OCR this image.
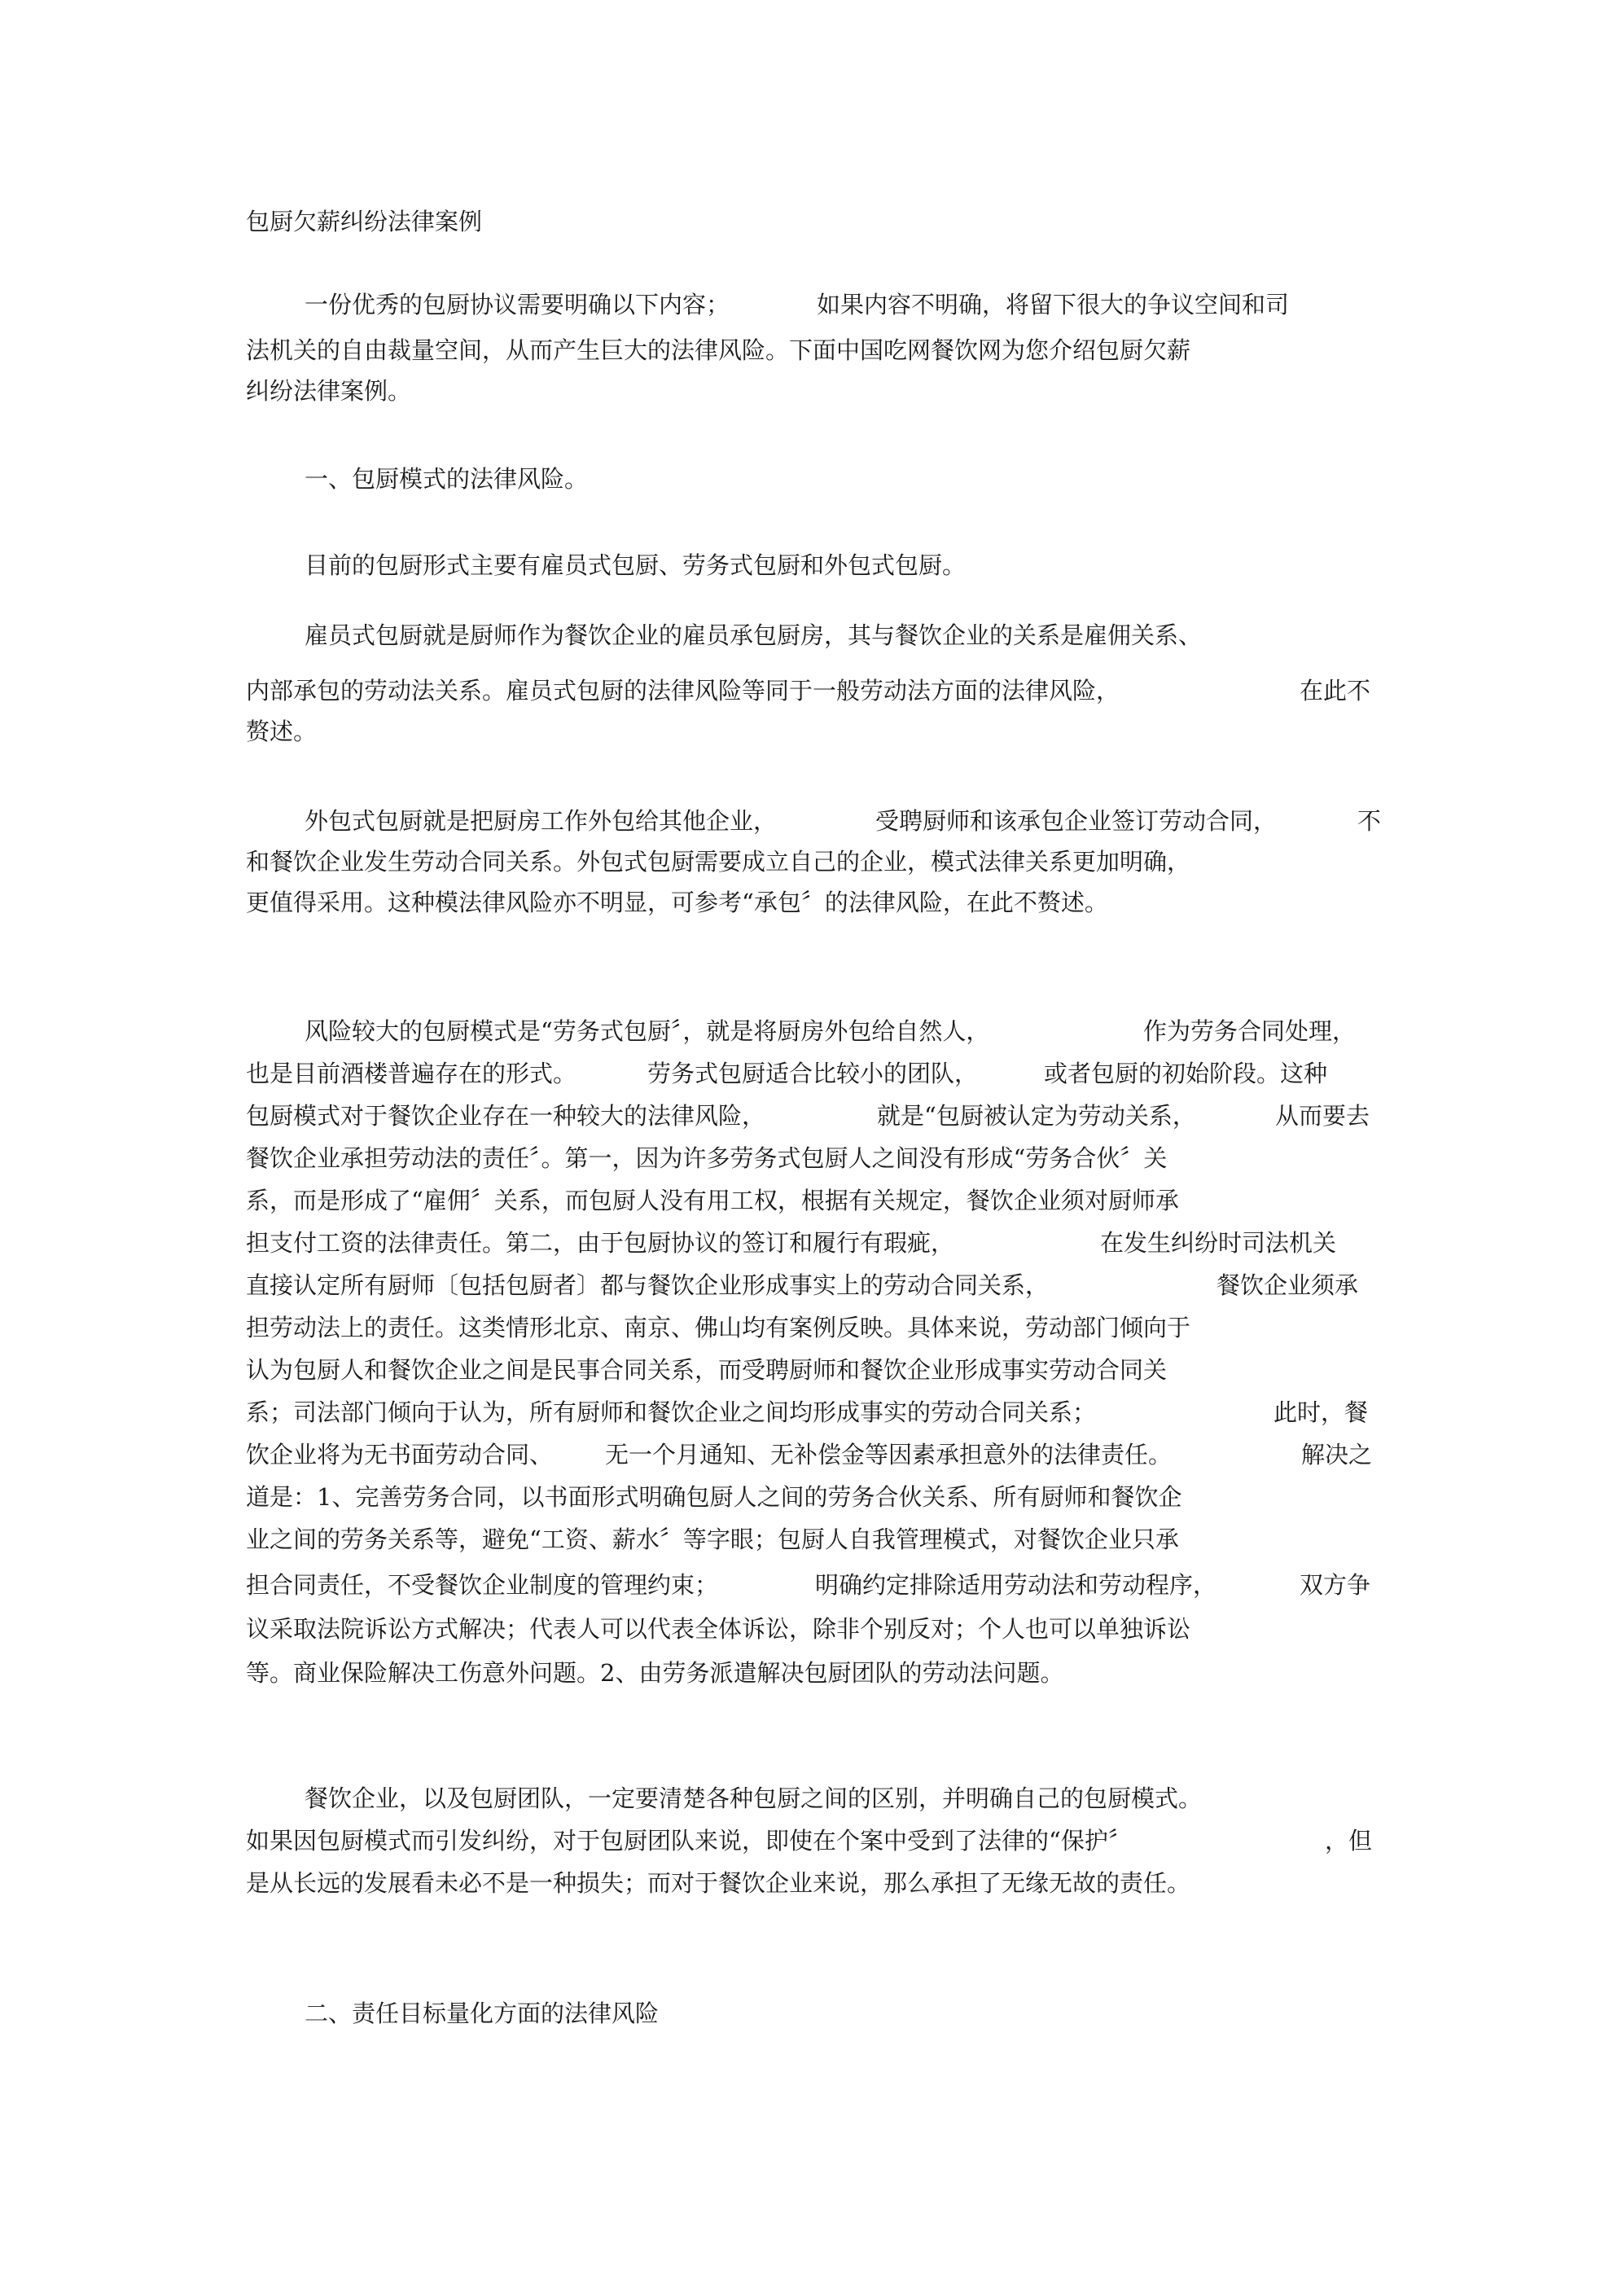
包厨欠薪纠纷法律案例
一份优秀的包厨协议需要明确以下内容；	如果内容不明确，将留下很大的争议空间和司
法机关的自由裁量空间，从而产生巨大的法律风险。下面中国吃网餐饮网为您介绍包厨欠薪
纠纷法律案例。
一、包厨模式的法律风险。
目前的包厨形式主要有雇员式包厨、劳务式包厨和外包式包厨。
雇员式包厨就是厨师作为餐饮企业的雇员承包厨房，其与餐饮企业的关系是雇佣关系、
内部承包的劳动法关系。雇员式包厨的法律风险等同于一般劳动法方面的法律风险，	在此不
赘述。
外包式包厨就是把厨房工作外包给其他企业，	受聘厨师和该承包企业签订劳动合同，	不
和餐饮企业发生劳动合同关系。外包式包厨需要成立自己的企业，模式法律关系更加明确，
更值得采用。这种模法律风险亦不明显，可参考“承包〞的法律风险，在此不赘述。
风险较大的包厨模式是“劳务式包厨〞，就是将厨房外包给自然人，	作为劳务合同处理，
也是目前酒楼普遍存在的形式。	劳务式包厨适合比较小的团队，	或者包厨的初始阶段。这种
包厨模式对于餐饮企业存在一种较大的法律风险，	就是“包厨被认定为劳动关系，	从而要去
餐饮企业承担劳动法的责任〞。第一，因为许多劳务式包厨人之间没有形成“劳务合伙〞关
系，而是形成了“雇佣〞关系，而包厨人没有用工权，根据有关规定，餐饮企业须对厨师承
担支付工资的法律责任。第二，由于包厨协议的签订和履行有瑕疵，	在发生纠纷时司法机关
直接认定所有厨师〔包括包厨者〕都与餐饮企业形成事实上的劳动合同关系，	餐饮企业须承
担劳动法上的责任。这类情形北京、南京、佛山均有案例反映。具体来说，劳动部门倾向于
认为包厨人和餐饮企业之间是民事合同关系，而受聘厨师和餐饮企业形成事实劳动合同关
系；司法部门倾向于认为，所有厨师和餐饮企业之间均形成事实的劳动合同关系；	此时，餐
饮企业将为无书面劳动合同、 无一个月通知、无补偿金等因素承担意外的法律责任。	解决之
道是：1、完善劳务合同，以书面形式明确包厨人之间的劳务合伙关系、所有厨师和餐饮企
业之间的劳务关系等，避免“工资、薪水〞等字眼；包厨人自我管理模式，对餐饮企业只承
担合同责任，不受餐饮企业制度的管理约束；	明确约定排除适用劳动法和劳动程序，	双方争
议采取法院诉讼方式解决；代表人可以代表全体诉讼，除非个别反对；个人也可以单独诉讼
等。商业保险解决工伤意外问题。2、由劳务派遣解决包厨团队的劳动法问题。
餐饮企业，以及包厨团队，一定要清楚各种包厨之间的区别，并明确自己的包厨模式。
如果因包厨模式而引发纠纷，对于包厨团队来说，即使在个案中受到了法律的“保护〞	，但
是从长远的发展看未必不是一种损失；而对于餐饮企业来说，那么承担了无缘无故的责任。
二、责任目标量化方面的法律风险
